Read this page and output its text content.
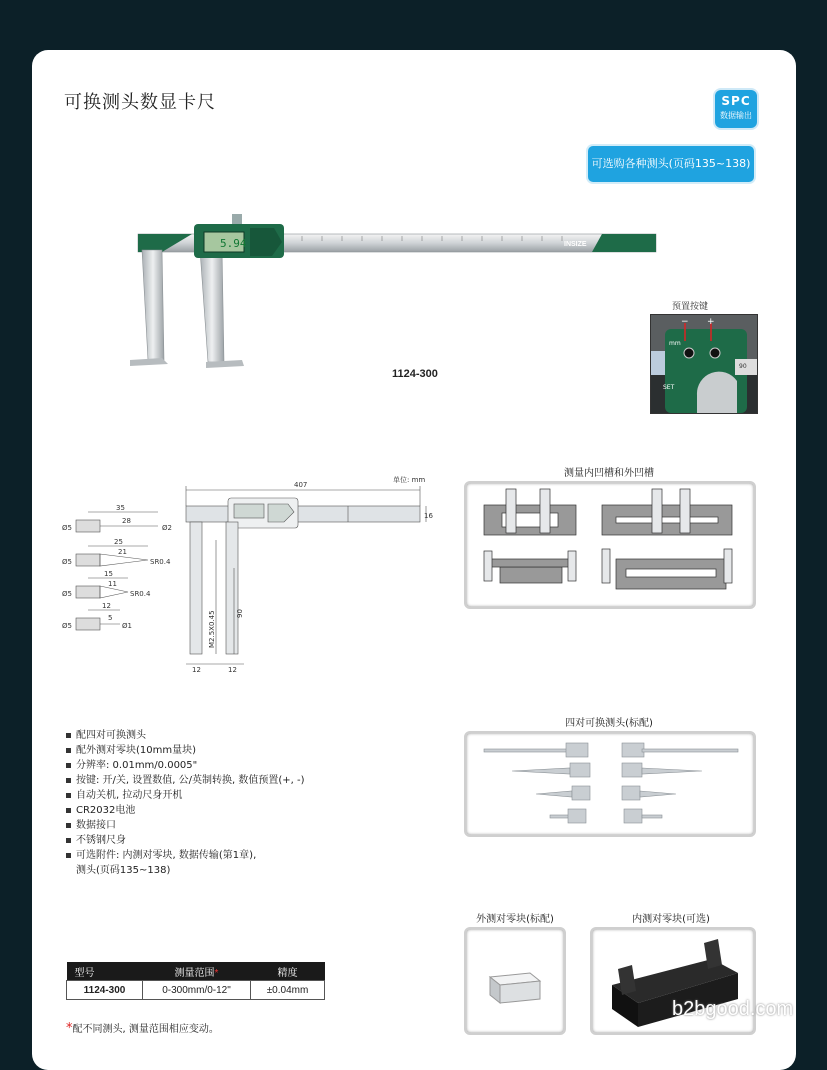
可换测头数显卡尺	SPC
数据输出
可选购各种测头(页码135~138)
INSIZE
5.94
1124-300
预置按键
− +
mm
SET
90
单位: mm
407
35
28
Ø2
Ø5
25
21
SR0.4
Ø5
15
11
SR0.4
Ø5
12
5
Ø1
Ø5
16
90
M2.5X0.45
12	12
测量内凹槽和外凹槽
配四对可换测头
配外测对零块(10mm量块)
分辨率: 0.01mm/0.0005"
按键: 开/关, 设置数值, 公/英制转换, 数值预置(+, -)
自动关机, 拉动尺身开机
CR2032电池
数据接口
不锈钢尺身
可选附件: 内测对零块, 数据传输(第1章),
测头(页码135~138)
四对可换测头(标配)
外测对零块(标配)	内测对零块(可选)
型号	测量范围*	精度
1124-300	0-300mm/0-12"	±0.04mm
*配不同测头, 测量范围相应变动。
b2bgood.com
